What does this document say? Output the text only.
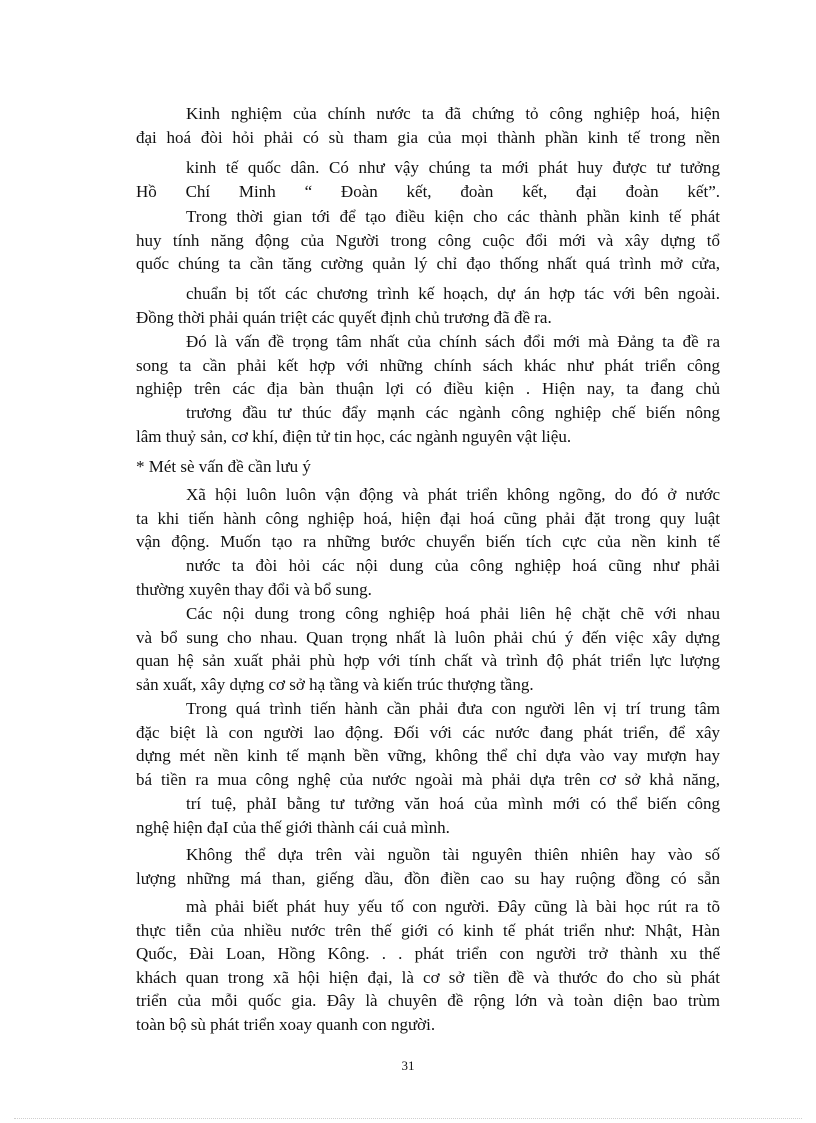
Kinh nghiệm của chính nước ta đã chứng tỏ công nghiệp hoá, hiện
đại hoá đòi hỏi phải có sù tham gia của mọi thành phần kinh tế trong nền
kinh tế quốc dân. Có như vậy chúng ta mới phát huy được tư tưởng
Hồ Chí Minh “ Đoàn kết, đoàn kết, đại đoàn kết”.
Trong thời gian tới để tạo điều kiện cho các thành phần kinh tế phát
huy tính năng động của Người trong công cuộc đổi mới và xây dựng tổ
quốc chúng ta cần tăng cường quản lý chỉ đạo thống nhất quá trình mở cửa,
chuẩn bị tốt các chương trình kế hoạch, dự án hợp tác với bên ngoài.
Đồng thời phải quán triệt các quyết định chủ trương đã đề ra.
Đó là vấn đề trọng tâm nhất của chính sách đổi mới mà Đảng ta đề ra
song ta cần phải kết hợp với những chính sách khác như phát triển công
nghiệp trên các địa bàn thuận lợi có điều kiện . Hiện nay, ta đang chủ
trương đầu tư thúc đẩy mạnh các ngành công nghiệp chế biến nông
lâm thuỷ sản, cơ khí, điện tử tin học, các ngành nguyên vật liệu.
* Mét sè vấn đề cần lưu ý
Xã hội luôn luôn vận động và phát triển không ngõng, do đó ở nước
ta khi tiến hành công nghiệp hoá, hiện đại hoá cũng phải đặt trong quy luật
vận động. Muốn tạo ra những bước chuyển biến tích cực của nền kinh tế
nước ta đòi hỏi các nội dung của công nghiệp hoá cũng như phải
thường xuyên thay đổi và bổ sung.
Các nội dung trong công nghiệp hoá phải liên hệ chặt chẽ với nhau
và bổ sung cho nhau. Quan trọng nhất là luôn phải chú ý đến việc xây dựng
quan hệ sản xuất phải phù hợp với tính chất và trình độ phát triển lực lượng
sản xuất, xây dựng cơ sở hạ tầng và kiến trúc thượng tầng.
Trong quá trình tiến hành cần phải đưa con người lên vị trí trung tâm
đặc biệt là con người lao động. Đối với các nước đang phát triển, để xây
dựng mét nền kinh tế mạnh bền vững, không thể chỉ dựa vào vay mượn hay
bá tiền ra mua công nghệ của nước ngoài mà phải dựa trên cơ sở khả năng,
trí tuệ, phảI bằng tư tưởng văn hoá của mình mới có thể biến công
nghệ hiện đạI của thế giới thành cái cuả mình.
Không thể dựa trên vài nguồn tài nguyên thiên nhiên hay vào số
lượng những má than, giếng dầu, đồn điền cao su hay ruộng đồng có sẵn
mà phải biết phát huy yếu tố con người. Đây cũng là bài học rút ra tõ
thực tiễn của nhiều nước trên thế giới có kinh tế phát triển như: Nhật, Hàn
Quốc, Đài Loan, Hồng Kông. . . phát triển con người trở thành xu thế
khách quan trong xã hội hiện đại, là cơ sở tiền đề và thước đo cho sù phát
triển của mỗi quốc gia. Đây là chuyên đề rộng lớn và toàn diện bao trùm
toàn bộ sù phát triển xoay quanh con người.
31
